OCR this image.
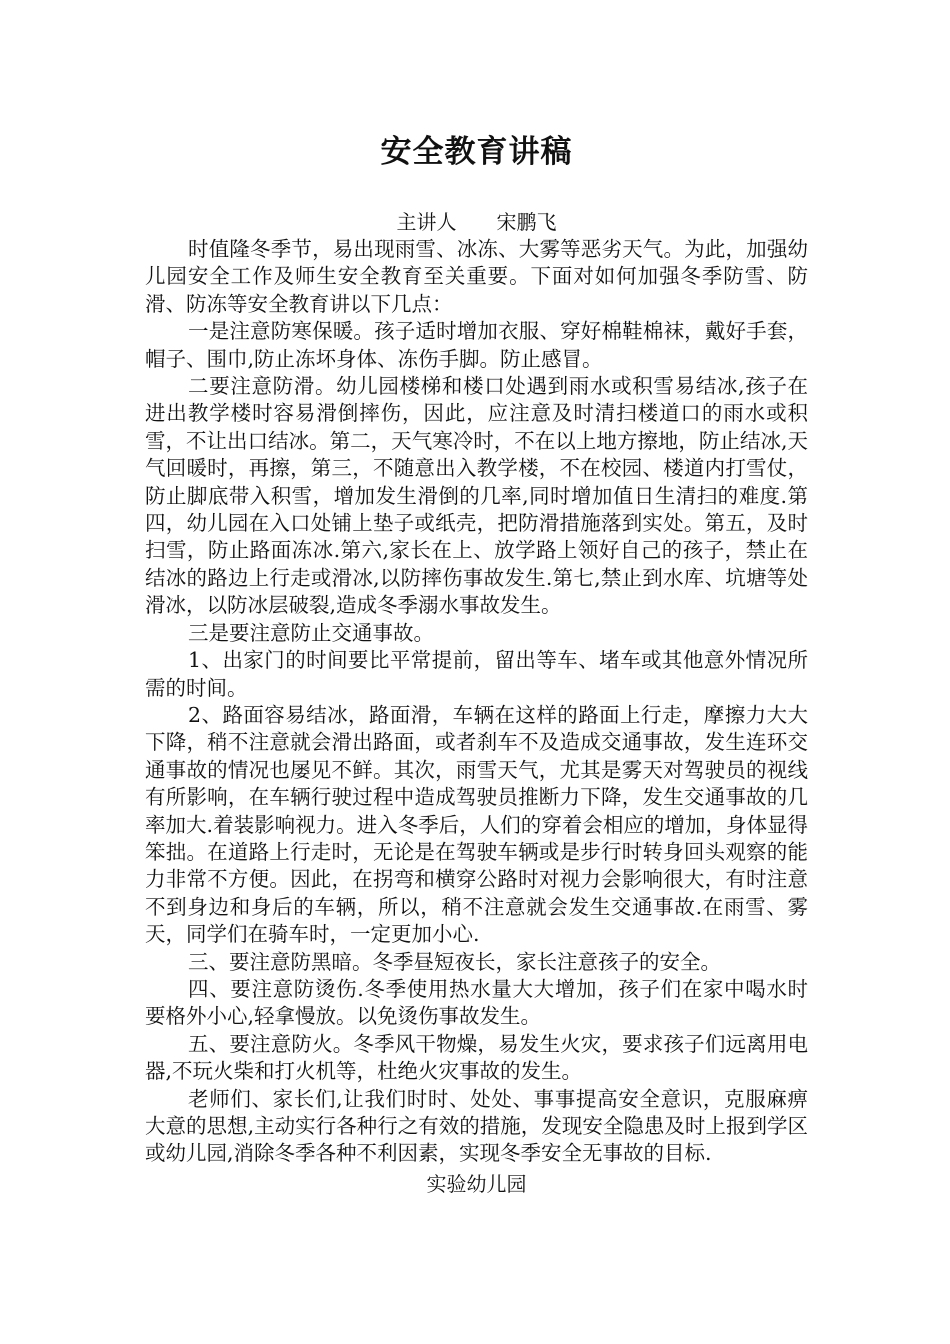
安全教育讲稿
主讲人 宋鹏飞

时值隆冬季节，易出现雨雪、冰冻、大雾等恶劣天气。为此，加强幼儿园安全工作及师生安全教育至关重要。下面对如何加强冬季防雪、防滑、防冻等安全教育讲以下几点：

一是注意防寒保暖。孩子适时增加衣服、穿好棉鞋棉袜，戴好手套，帽子、围巾,防止冻坏身体、冻伤手脚。防止感冒。

二要注意防滑。幼儿园楼梯和楼口处遇到雨水或积雪易结冰,孩子在进出教学楼时容易滑倒摔伤，因此，应注意及时清扫楼道口的雨水或积雪，不让出口结冰。第二，天气寒冷时，不在以上地方擦地，防止结冰,天气回暖时，再擦，第三，不随意出入教学楼，不在校园、楼道内打雪仗，防止脚底带入积雪，增加发生滑倒的几率,同时增加值日生清扫的难度.第四，幼儿园在入口处铺上垫子或纸壳，把防滑措施落到实处。第五，及时扫雪，防止路面冻冰.第六,家长在上、放学路上领好自己的孩子，禁止在结冰的路边上行走或滑冰,以防摔伤事故发生.第七,禁止到水库、坑塘等处滑冰，以防冰层破裂,造成冬季溺水事故发生。

三是要注意防止交通事故。

1、出家门的时间要比平常提前，留出等车、堵车或其他意外情况所需的时间。

2、路面容易结冰，路面滑，车辆在这样的路面上行走，摩擦力大大下降，稍不注意就会滑出路面，或者刹车不及造成交通事故，发生连环交通事故的情况也屡见不鲜。其次，雨雪天气，尤其是雾天对驾驶员的视线有所影响，在车辆行驶过程中造成驾驶员推断力下降，发生交通事故的几率加大.着装影响视力。进入冬季后，人们的穿着会相应的增加，身体显得笨拙。在道路上行走时，无论是在驾驶车辆或是步行时转身回头观察的能力非常不方便。因此，在拐弯和横穿公路时对视力会影响很大，有时注意不到身边和身后的车辆，所以，稍不注意就会发生交通事故.在雨雪、雾天，同学们在骑车时，一定更加小心.

三、要注意防黑暗。冬季昼短夜长，家长注意孩子的安全。

四、要注意防烫伤.冬季使用热水量大大增加，孩子们在家中喝水时要格外小心,轻拿慢放。以免烫伤事故发生。

五、要注意防火。冬季风干物燥，易发生火灾，要求孩子们远离用电器,不玩火柴和打火机等，杜绝火灾事故的发生。

老师们、家长们,让我们时时、处处、事事提高安全意识，克服麻痹大意的思想,主动实行各种行之有效的措施，发现安全隐患及时上报到学区或幼儿园,消除冬季各种不利因素，实现冬季安全无事故的目标.

实验幼儿园
